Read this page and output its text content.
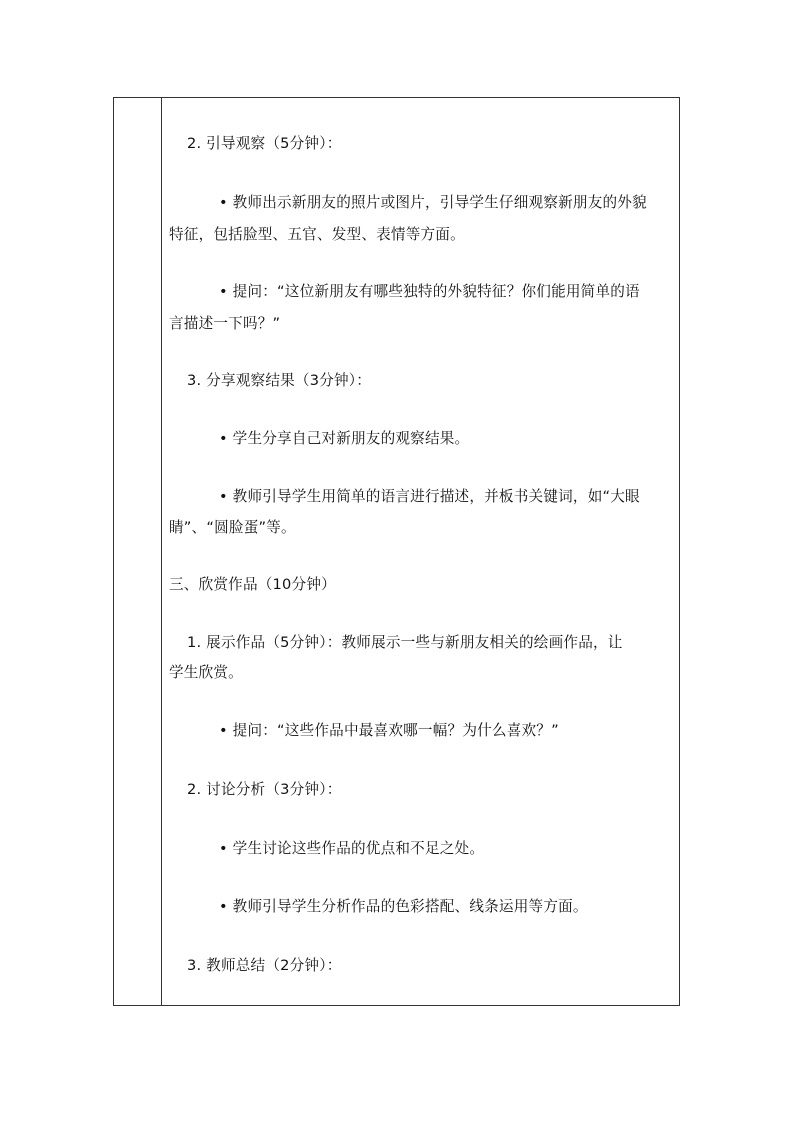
2. 引导观察（5分钟）：
• 教师出示新朋友的照片或图片，引导学生仔细观察新朋友的外貌
特征，包括脸型、五官、发型、表情等方面。
• 提问：“这位新朋友有哪些独特的外貌特征？你们能用简单的语
言描述一下吗？”
3. 分享观察结果（3分钟）：
• 学生分享自己对新朋友的观察结果。
• 教师引导学生用简单的语言进行描述，并板书关键词，如“大眼
睛”、“圆脸蛋”等。
三、欣赏作品（10分钟）
1. 展示作品（5分钟）：教师展示一些与新朋友相关的绘画作品，让
学生欣赏。
• 提问：“这些作品中最喜欢哪一幅？为什么喜欢？”
2. 讨论分析（3分钟）：
• 学生讨论这些作品的优点和不足之处。
• 教师引导学生分析作品的色彩搭配、线条运用等方面。
3. 教师总结（2分钟）：
